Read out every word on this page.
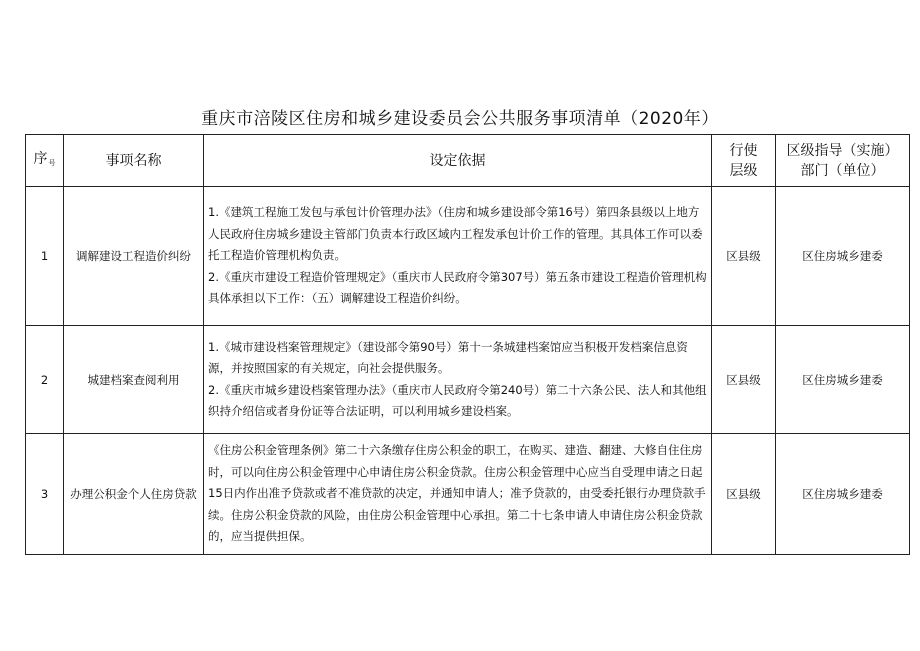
重庆市涪陵区住房和城乡建设委员会公共服务事项清单（2020年）
序号	事项名称	设定依据	行使层级	区级指导（实施）部门（单位）
1	调解建设工程造价纠纷	1.《建筑工程施工发包与承包计价管理办法》（住房和城乡建设部令第16号）第四条县级以上地方人民政府住房城乡建设主管部门负责本行政区域内工程发承包计价工作的管理。其具体工作可以委托工程造价管理机构负责。

2.《重庆市建设工程造价管理规定》（重庆市人民政府令第307号）第五条市建设工程造价管理机构具体承担以下工作：（五）调解建设工程造价纠纷。	区县级	区住房城乡建委
2	城建档案查阅利用	1.《城市建设档案管理规定》（建设部令第90号）第十一条城建档案馆应当积极开发档案信息资源，并按照国家的有关规定，向社会提供服务。

2.《重庆市城乡建设档案管理办法》（重庆市人民政府令第240号）第二十六条公民、法人和其他组织持介绍信或者身份证等合法证明，可以利用城乡建设档案。	区县级	区住房城乡建委
3	办理公积金个人住房贷款	《住房公积金管理条例》第二十六条缴存住房公积金的职工，在购买、建造、翻建、大修自住住房时，可以向住房公积金管理中心申请住房公积金贷款。住房公积金管理中心应当自受理申请之日起15日内作出准予贷款或者不准贷款的决定，并通知申请人；准予贷款的，由受委托银行办理贷款手续。住房公积金贷款的风险，由住房公积金管理中心承担。第二十七条申请人申请住房公积金贷款的，应当提供担保。	区县级	区住房城乡建委
